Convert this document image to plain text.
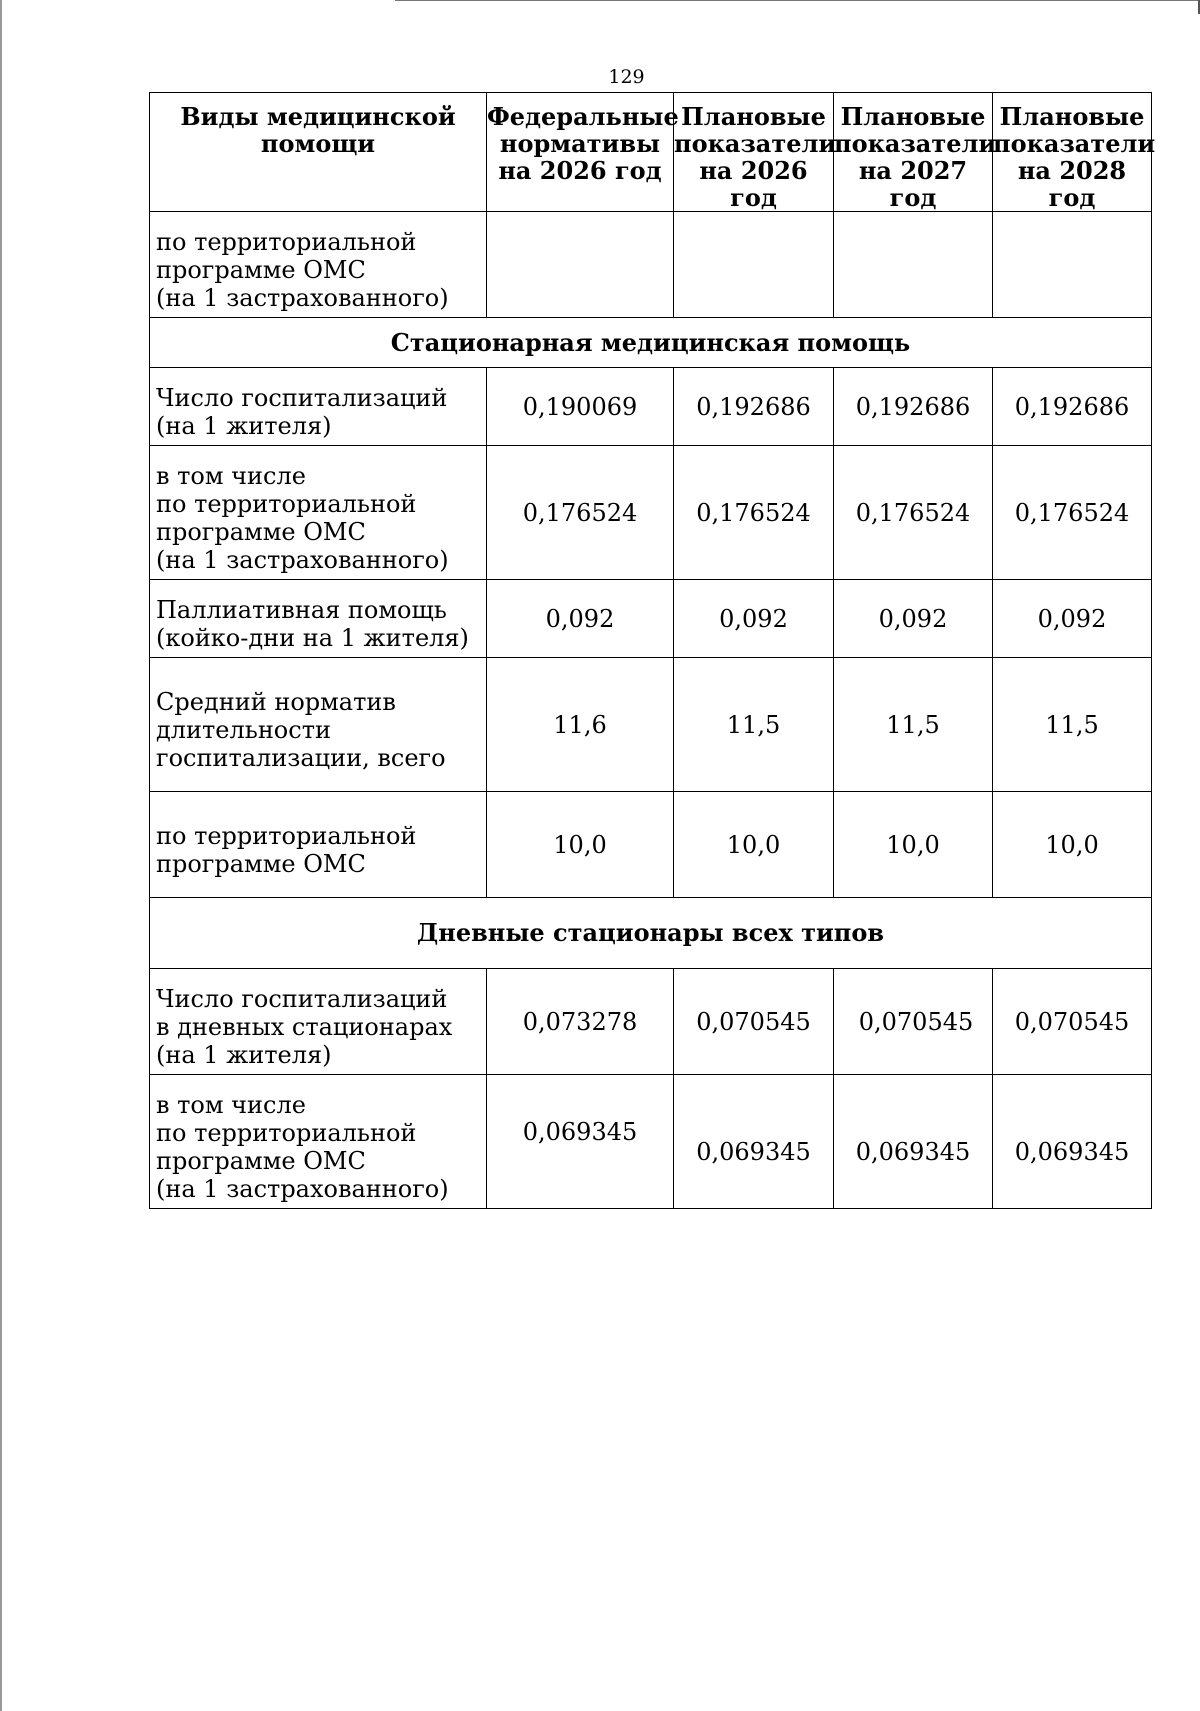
129
Виды медицинской
помощи	Федеральные
нормативы
на 2026 год	Плановые
показатели
на 2026 год	Плановые
показатели
на 2027 год	Плановые
показатели
на 2028 год

по территориальной
программе ОМС
(на 1 застрахованного)				
Стационарная медицинская помощь				
Число госпитализаций
(на 1 жителя)	0,190069	0,192686	0,192686	0,192686
в том числе
по территориальной
программе ОМС
(на 1 застрахованного)	0,176524	0,176524	0,176524	0,176524
Паллиативная помощь
(койко-дни на 1 жителя)	0,092	0,092	0,092	0,092
Средний норматив
длительности
госпитализации, всего	11,6	11,5	11,5	11,5
по территориальной
программе ОМС	10,0	10,0	10,0	10,0
Дневные стационары всех типов				
Число госпитализаций
в дневных стационарах
(на 1 жителя)	0,073278	0,070545	0,070545	0,070545
в том числе
по территориальной
программе ОМС
(на 1 застрахованного)	0,069345	0,069345	0,069345	0,069345
